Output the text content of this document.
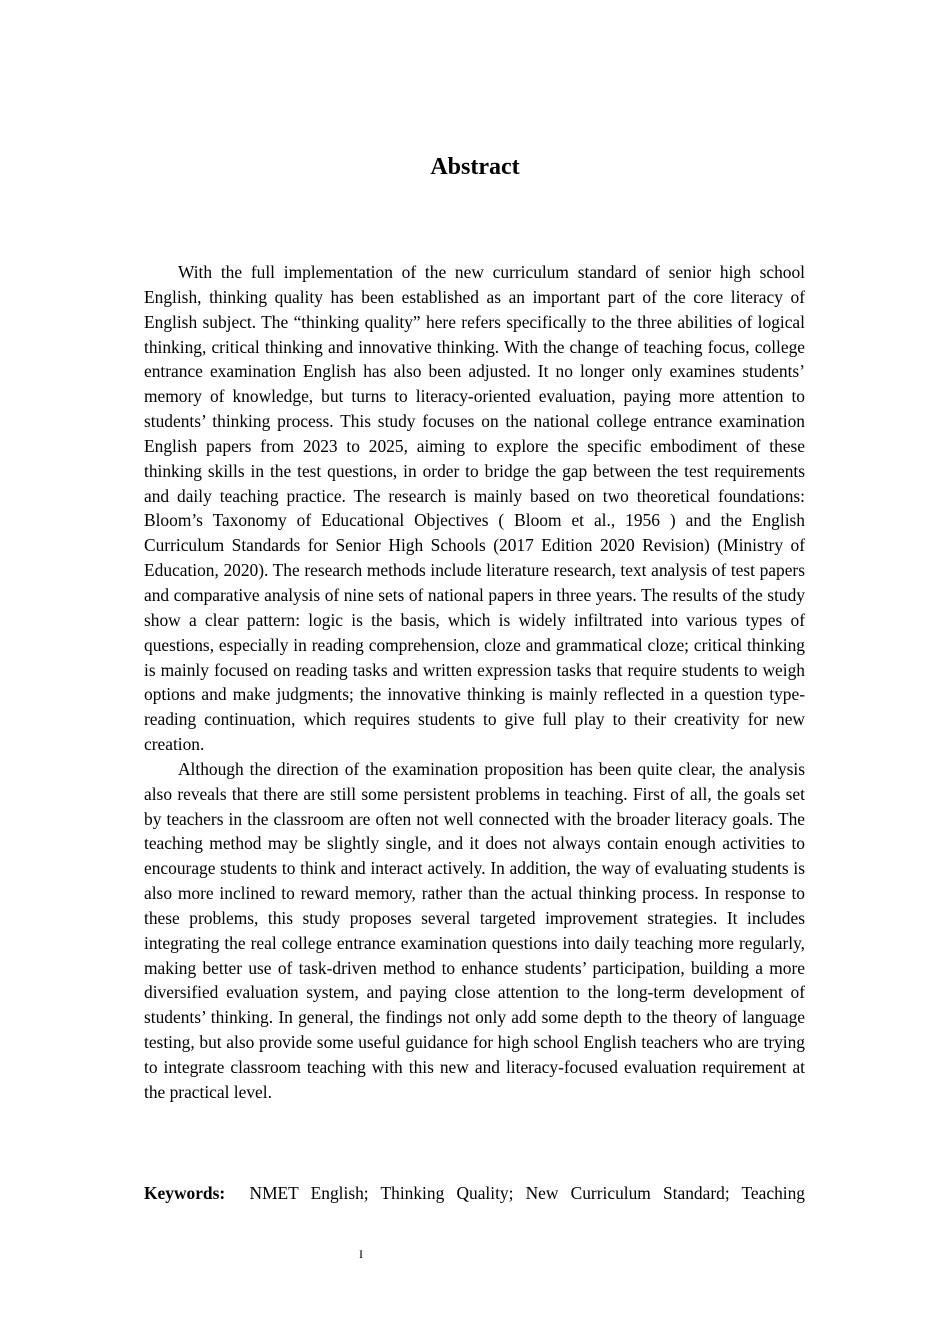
Abstract

With the full implementation of the new curriculum standard of senior high school English, thinking quality has been established as an important part of the core literacy of English subject. The “thinking quality” here refers specifically to the three abilities of logical thinking, critical thinking and innovative thinking. With the change of teaching focus, college entrance examination English has also been adjusted. It no longer only examines students’ memory of knowledge, but turns to literacy-oriented evaluation, paying more attention to students’ thinking process. This study focuses on the national college entrance examination English papers from 2023 to 2025, aiming to explore the specific embodiment of these thinking skills in the test questions, in order to bridge the gap between the test requirements and daily teaching practice. The research is mainly based on two theoretical foundations: Bloom’s Taxonomy of Educational Objectives ( Bloom et al., 1956 ) and the English Curriculum Standards for Senior High Schools (2017 Edition 2020 Revision) (Ministry of Education, 2020). The research methods include literature research, text analysis of test papers and comparative analysis of nine sets of national papers in three years. The results of the study show a clear pattern: logic is the basis, which is widely infiltrated into various types of questions, especially in reading comprehension, cloze and grammatical cloze; critical thinking is mainly focused on reading tasks and written expression tasks that require students to weigh options and make judgments; the innovative thinking is mainly reflected in a question type-reading continuation, which requires students to give full play to their creativity for new creation.

Although the direction of the examination proposition has been quite clear, the analysis also reveals that there are still some persistent problems in teaching. First of all, the goals set by teachers in the classroom are often not well connected with the broader literacy goals. The teaching method may be slightly single, and it does not always contain enough activities to encourage students to think and interact actively. In addition, the way of evaluating students is also more inclined to reward memory, rather than the actual thinking process. In response to these problems, this study proposes several targeted improvement strategies. It includes integrating the real college entrance examination questions into daily teaching more regularly, making better use of task-driven method to enhance students’ participation, building a more diversified evaluation system, and paying close attention to the long-term development of students’ thinking. In general, the findings not only add some depth to the theory of language testing, but also provide some useful guidance for high school English teachers who are trying to integrate classroom teaching with this new and literacy-focused evaluation requirement at the practical level.

Keywords: NMET English; Thinking Quality; New Curriculum Standard; Teaching

I
